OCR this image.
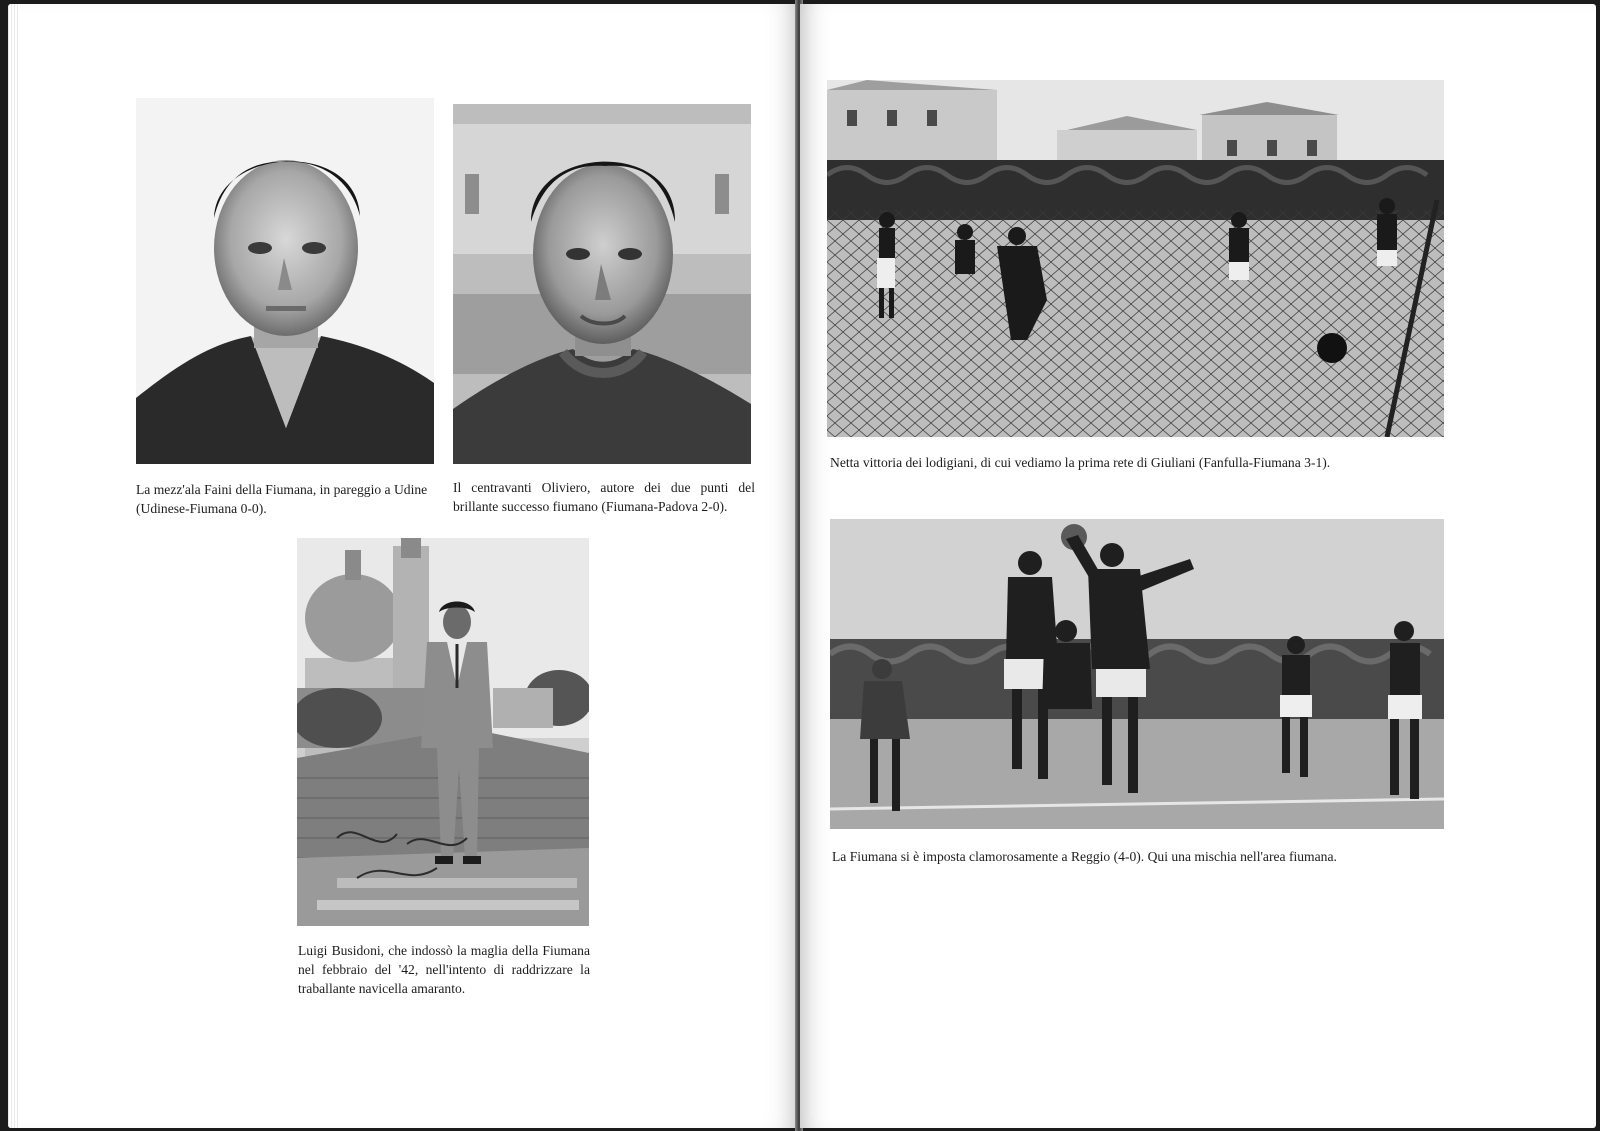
La mezz'ala Faini della Fiumana, in pareggio a Udine (Udinese-Fiumana 0-0).

Il centravanti Oliviero, autore dei due punti del brillante successo fiumano (Fiumana-Padova 2-0).

Luigi Busidoni, che indossò la maglia della Fiumana nel febbraio del '42, nell'intento di raddrizzare la traballante navicella amaranto.

Netta vittoria dei lodigiani, di cui vediamo la prima rete di Giuliani (Fanfulla-Fiumana 3-1).

La Fiumana si è imposta clamorosamente a Reggio (4-0). Qui una mischia nell'area fiumana.
